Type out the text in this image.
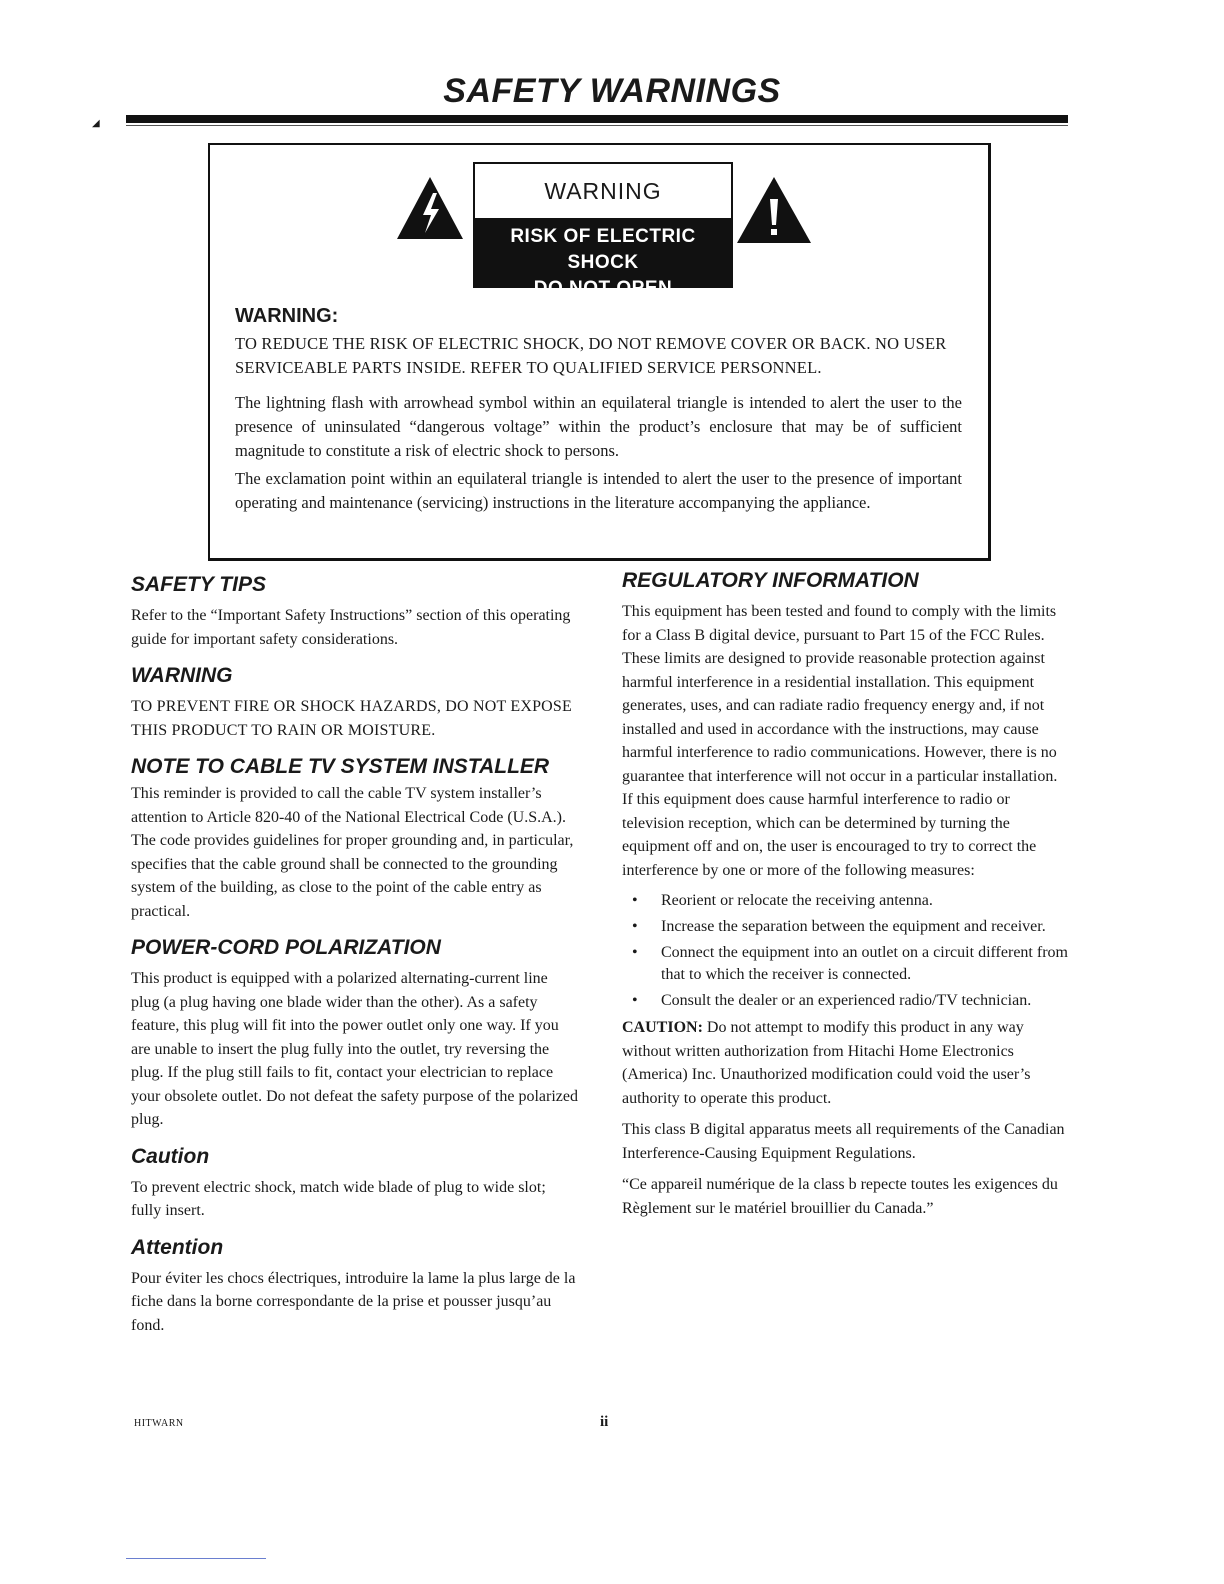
◢
SAFETY WARNINGS
WARNING
RISK OF ELECTRIC SHOCK
DO NOT OPEN
WARNING:

TO REDUCE THE RISK OF ELECTRIC SHOCK, DO NOT REMOVE COVER OR BACK. NO USER SERVICEABLE PARTS INSIDE. REFER TO QUALIFIED SERVICE PERSONNEL.

The lightning flash with arrowhead symbol within an equilateral triangle is intended to alert the user to the presence of uninsulated “dangerous voltage” within the product’s enclosure that may be of sufficient magnitude to constitute a risk of electric shock to persons.

The exclamation point within an equilateral triangle is intended to alert the user to the presence of important operating and maintenance (servicing) instructions in the literature accompanying the appliance.

SAFETY TIPS

Refer to the “Important Safety Instructions” section of this operating guide for important safety considerations.

WARNING

TO PREVENT FIRE OR SHOCK HAZARDS, DO NOT EXPOSE THIS PRODUCT TO RAIN OR MOISTURE.

NOTE TO CABLE TV SYSTEM INSTALLER

This reminder is provided to call the cable TV system installer’s attention to Article 820-40 of the National Electrical Code (U.S.A.). The code provides guidelines for proper grounding and, in particular, specifies that the cable ground shall be connected to the grounding system of the building, as close to the point of the cable entry as practical.

POWER-CORD POLARIZATION

This product is equipped with a polarized alternating-current line plug (a plug having one blade wider than the other). As a safety feature, this plug will fit into the power outlet only one way. If you are unable to insert the plug fully into the outlet, try reversing the plug. If the plug still fails to fit, contact your electrician to replace your obsolete outlet. Do not defeat the safety purpose of the polarized plug.

Caution

To prevent electric shock, match wide blade of plug to wide slot; fully insert.

Attention

Pour éviter les chocs électriques, introduire la lame la plus large de la fiche dans la borne correspondante de la prise et pousser jusqu’au fond.

REGULATORY INFORMATION

This equipment has been tested and found to comply with the limits for a Class B digital device, pursuant to Part 15 of the FCC Rules. These limits are designed to provide reasonable protection against harmful interference in a residential installation. This equipment generates, uses, and can radiate radio frequency energy and, if not installed and used in accordance with the instructions, may cause harmful interference to radio communications. However, there is no guarantee that interference will not occur in a particular installation. If this equipment does cause harmful interference to radio or television reception, which can be determined by turning the equipment off and on, the user is encouraged to try to correct the interference by one or more of the following measures:

• Reorient or relocate the receiving antenna.
• Increase the separation between the equipment and receiver.
• Connect the equipment into an outlet on a circuit different from that to which the receiver is connected.
• Consult the dealer or an experienced radio/TV technician.

CAUTION: Do not attempt to modify this product in any way without written authorization from Hitachi Home Electronics (America) Inc. Unauthorized modification could void the user’s authority to operate this product.

This class B digital apparatus meets all requirements of the Canadian Interference-Causing Equipment Regulations.

“Ce appareil numérique de la class b repecte toutes les exigences du Règlement sur le matériel brouillier du Canada.”

HITWARN	ii
